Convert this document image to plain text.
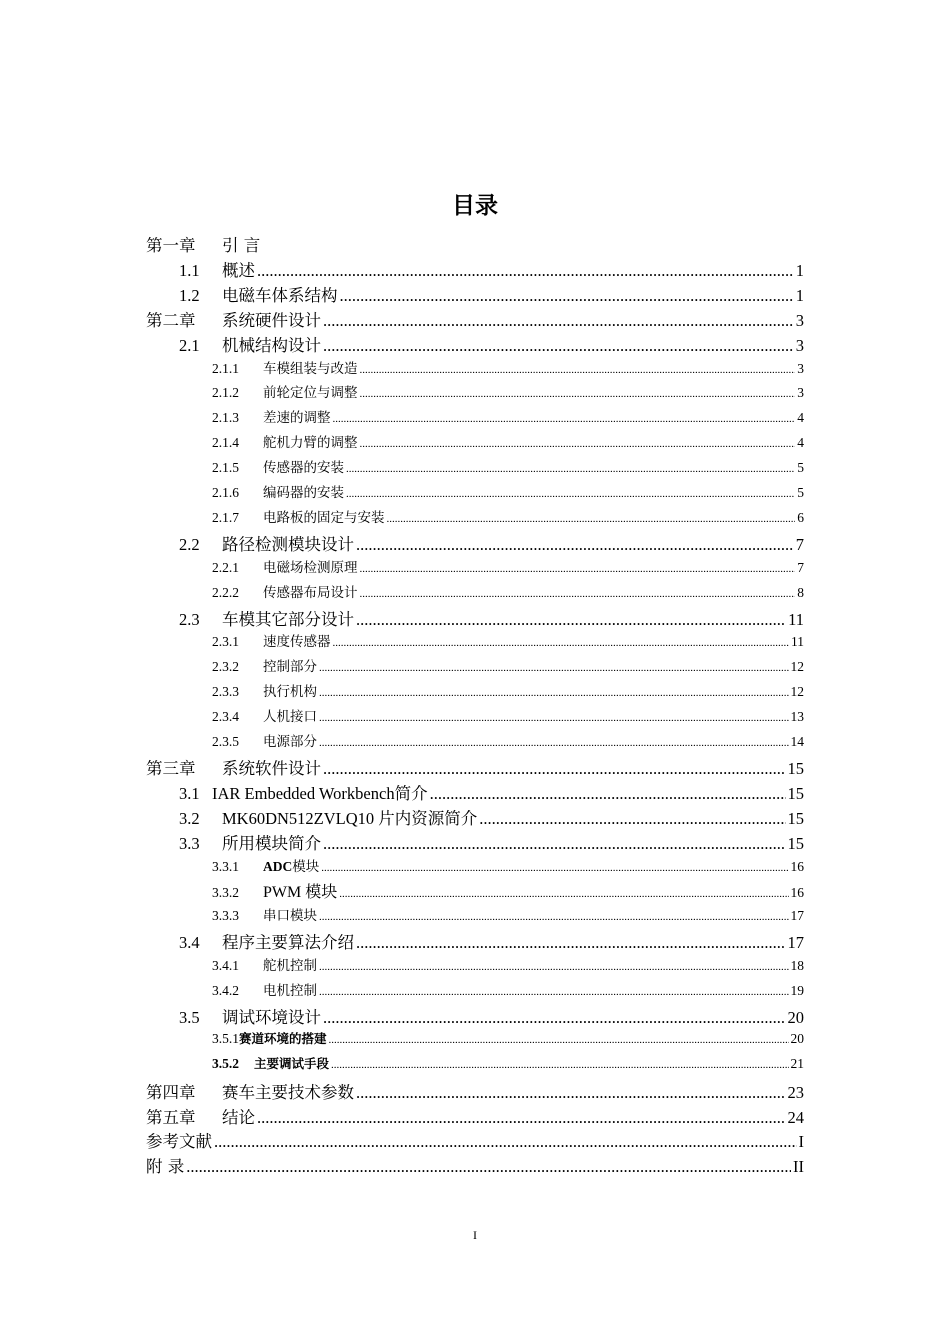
目录
第一章	引 言
1.1	概述 .....	1
1.2	电磁车体系结构 .....	1
第二章	系统硬件设计 .....	3
2.1	机械结构设计 .....	3
2.1.1	车模组装与改造 .....	3
2.1.2	前轮定位与调整 .....	3
2.1.3	差速的调整 .....	4
2.1.4	舵机力臂的调整 .....	4
2.1.5	传感器的安装 .....	5
2.1.6	编码器的安装 .....	5
2.1.7	电路板的固定与安装 .....	6
2.2	路径检测模块设计 .....	7
2.2.1	电磁场检测原理 .....	7
2.2.2	传感器布局设计 .....	8
2.3	车模其它部分设计 .....	11
2.3.1	速度传感器 .....	11
2.3.2	控制部分 .....	12
2.3.3	执行机构 .....	12
2.3.4	人机接口 .....	13
2.3.5	电源部分 .....	14
第三章	系统软件设计 .....	15
3.1 IAR Embedded Workbench简介 .....	15
3.2	MK60DN512ZVLQ10 片内资源简介 .....	15
3.3	所用模块简介 .....	15
3.3.1	ADC模块 .....	16
3.3.2	PWM 模块 .....	16
3.3.3	串口模块 .....	17
3.4	程序主要算法介绍 .....	17
3.4.1	舵机控制 .....	18
3.4.2	电机控制 .....	19
3.5	调试环境设计 .....	20
3.5.1 赛道环境的搭建 .....	20
3.5.2	主要调试手段 .....	21
第四章	赛车主要技术参数 .....	23
第五章	结论 .....	24
参考文献 .....	I
附 录 .....	II
I
